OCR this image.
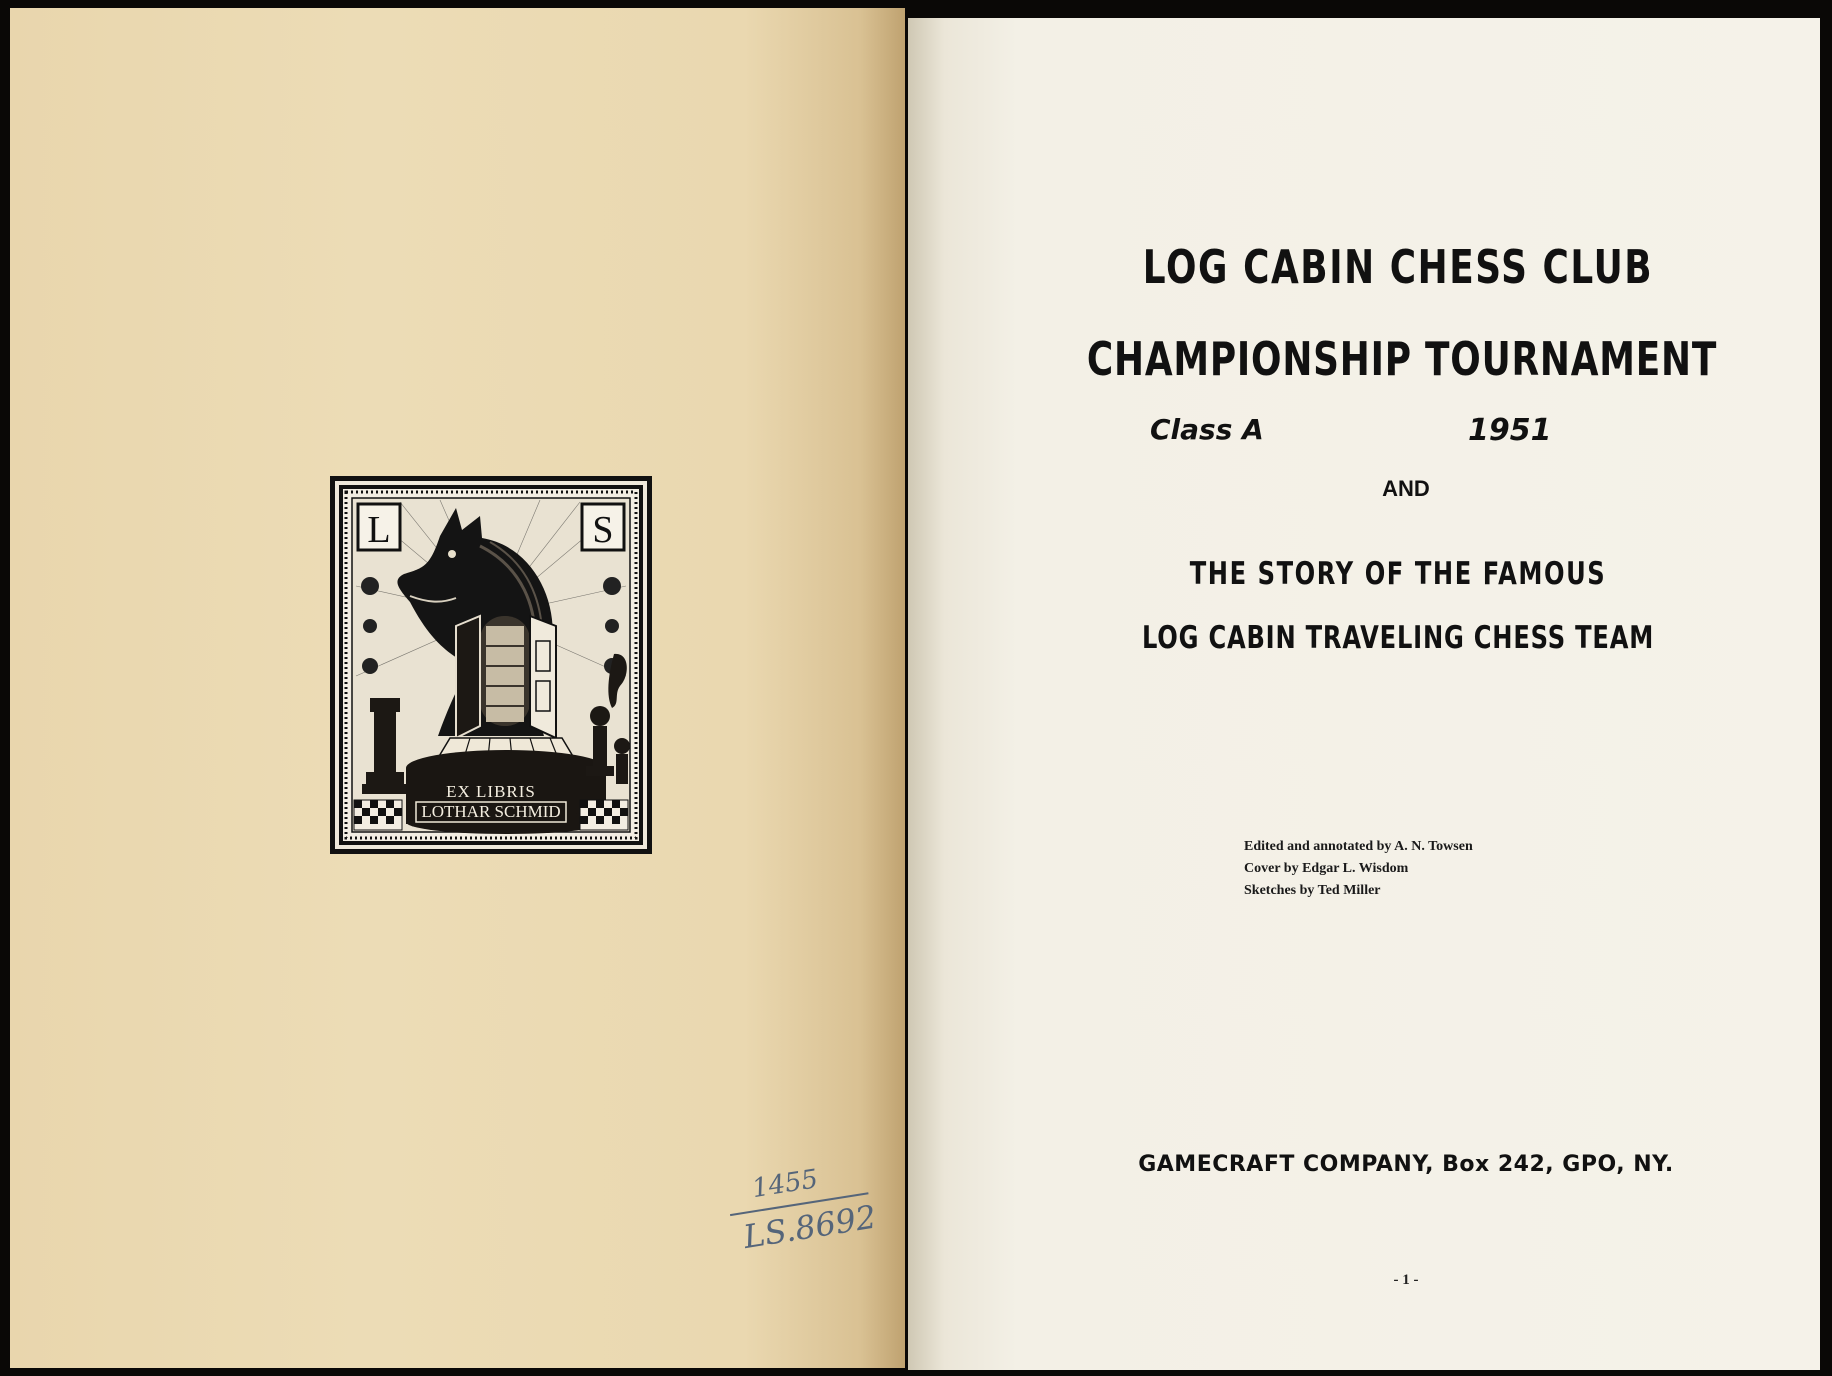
L	S
EX LIBRIS
LOTHAR SCHMID
1455
LS.8692
LOG CABIN CHESS CLUB
CHAMPIONSHIP TOURNAMENT
Class A	1951
AND
THE STORY OF THE FAMOUS
LOG CABIN TRAVELING CHESS TEAM
Edited and annotated by A. N. Towsen
Cover by Edgar L. Wisdom
Sketches by Ted Miller
GAMECRAFT COMPANY, Box 242, GPO, NY.
- 1 -
